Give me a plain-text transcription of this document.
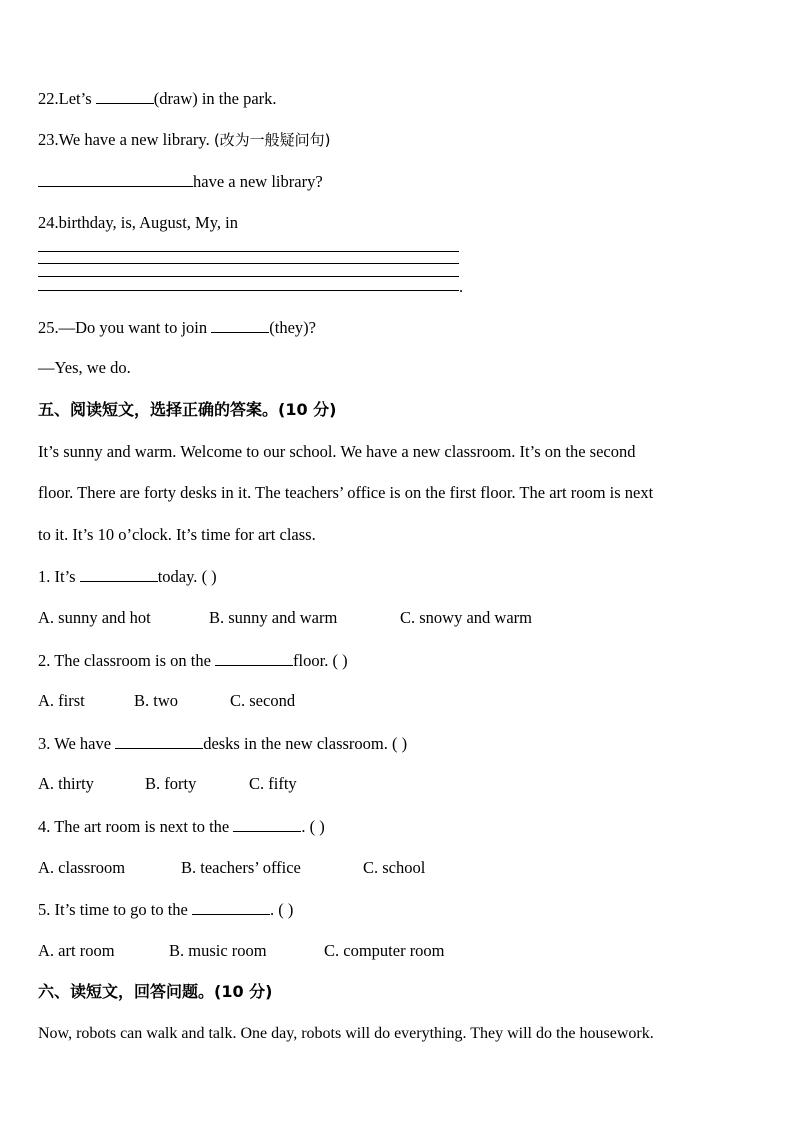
22.Let’s	(draw) in the park.
23.We have a new library. (改为一般疑问句)
have a new library?
24.birthday, is, August, My, in
.
25.—Do you want to join	(they)?
—Yes, we do.
五、阅读短文，选择正确的答案。(10 分)
It’s sunny and warm. Welcome to our school. We have a new classroom. It’s on the second
floor. There are forty desks in it. The teachers’ office is on the first floor. The art room is next
to it. It’s 10 o’clock. It’s time for art class.
1. It’s	today. ( )
A. sunny and hot	B. sunny and warm	C. snowy and warm
2. The classroom is on the	floor. ( )
A. first	B. two	C. second
3. We have	desks in the new classroom. ( )
A. thirty	B. forty	C. fifty
4. The art room is next to the	. ( )
A. classroom	B. teachers’ office	C. school
5. It’s time to go to the	. ( )
A. art room	B. music room	C. computer room
六、读短文，回答问题。(10 分)
Now, robots can walk and talk. One day, robots will do everything. They will do the housework.
